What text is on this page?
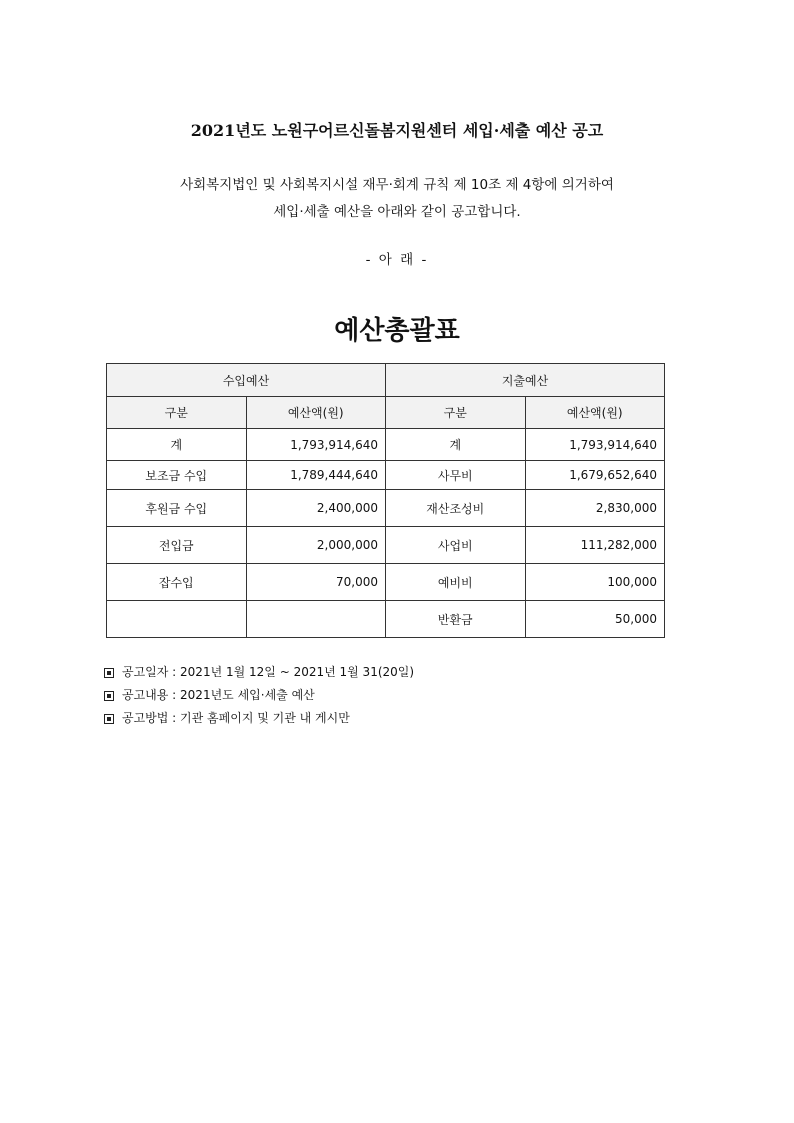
2021년도 노원구어르신돌봄지원센터 세입·세출 예산 공고
사회복지법인 및 사회복지시설 재무·회계 규칙 제 10조 제 4항에 의거하여
세입·세출 예산을 아래와 같이 공고합니다.
- 아 래 -
예산총괄표
수입예산		지출예산	
구분	예산액(원)	구분	예산액(원)
계	1,793,914,640	계	1,793,914,640
보조금 수입	1,789,444,640	사무비	1,679,652,640
후원금 수입	2,400,000	재산조성비	2,830,000
전입금	2,000,000	사업비	111,282,000
잡수입	70,000	예비비	100,000
		반환금	50,000
공고일자 : 2021년 1월 12일 ~ 2021년 1월 31(20일)
공고내용 : 2021년도 세입·세출 예산
공고방법 : 기관 홈페이지 및 기관 내 게시만
